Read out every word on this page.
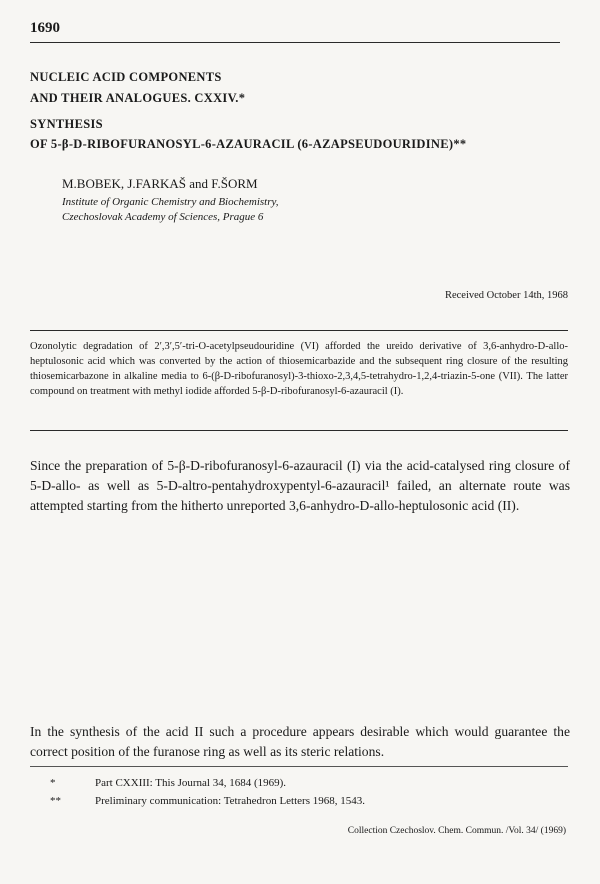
1690
NUCLEIC ACID COMPONENTS
AND THEIR ANALOGUES. CXXIV.*
SYNTHESIS
OF 5-β-D-RIBOFURANOSYL-6-AZAURACIL (6-AZAPSEUDOURIDINE)**
M.BOBEK, J.FARKAŠ and F.ŠORM
Institute of Organic Chemistry and Biochemistry,
Czechoslovak Academy of Sciences, Prague 6
Received October 14th, 1968
Ozonolytic degradation of 2′,3′,5′-tri-O-acetylpseudouridine (VI) afforded the ureido derivative of 3,6-anhydro-D-allo-heptulosonic acid which was converted by the action of thiosemicarbazide and the subsequent ring closure of the resulting thiosemicarbazone in alkaline media to 6-(β-D-ribofuranosyl)-3-thioxo-2,3,4,5-tetrahydro-1,2,4-triazin-5-one (VII). The latter compound on treatment with methyl iodide afforded 5-β-D-ribofuranosyl-6-azauracil (I).
Since the preparation of 5-β-D-ribofuranosyl-6-azauracil (I) via the acid-catalysed ring closure of 5-D-allo- as well as 5-D-altro-pentahydroxypentyl-6-azauracil¹ failed, an alternate route was attempted starting from the hitherto unreported 3,6-anhydro-D-allo-heptulosonic acid (II).
In the synthesis of the acid II such a procedure appears desirable which would guarantee the correct position of the furanose ring as well as its steric relations.
*	Part CXXIII: This Journal 34, 1684 (1969).
**	Preliminary communication: Tetrahedron Letters 1968, 1543.
Collection Czechoslov. Chem. Commun. /Vol. 34/ (1969)
